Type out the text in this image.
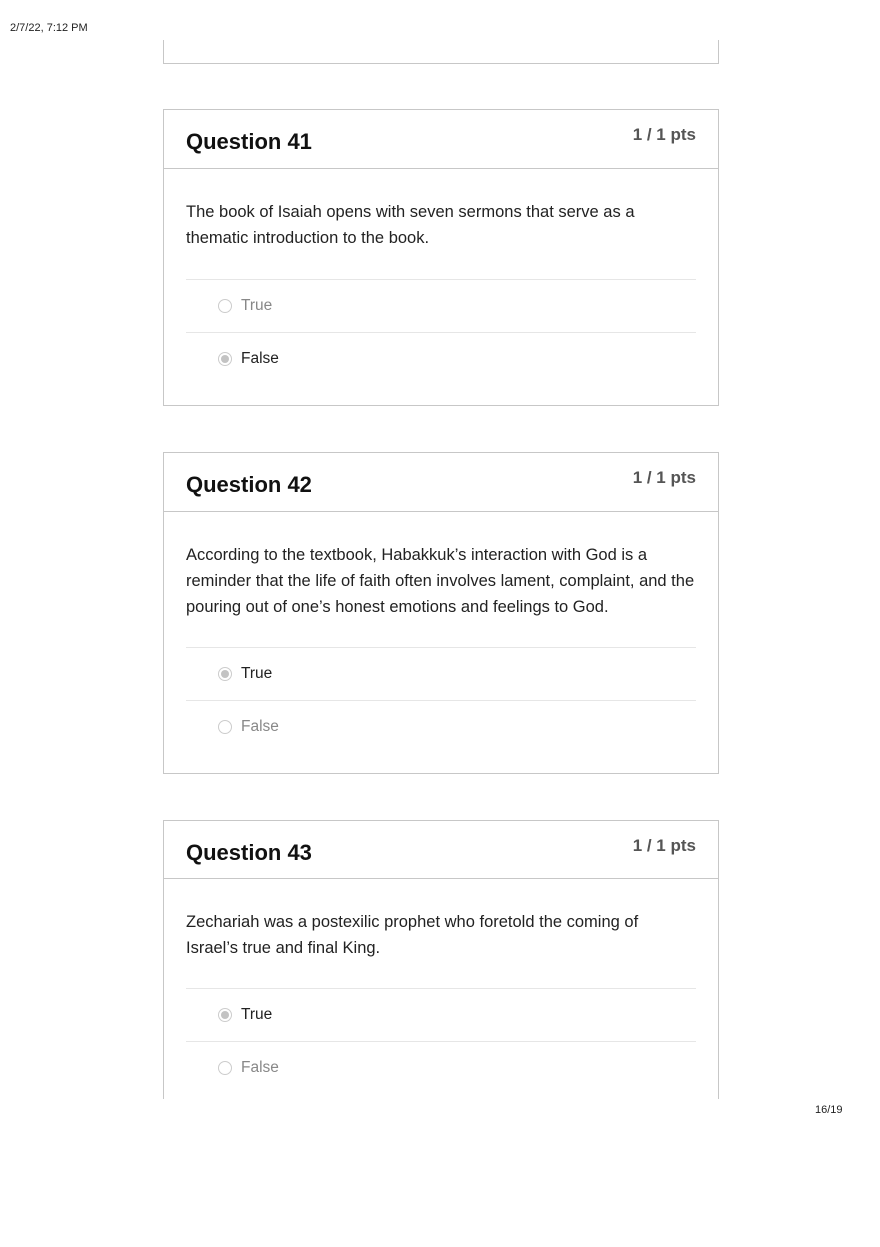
2/7/22, 7:12 PM
Question 41	1 / 1 pts
The book of Isaiah opens with seven sermons that serve as a thematic introduction to the book.
True
False
Question 42	1 / 1 pts
According to the textbook, Habakkuk’s interaction with God is a reminder that the life of faith often involves lament, complaint, and the pouring out of one’s honest emotions and feelings to God.
True
False
Question 43	1 / 1 pts
Zechariah was a postexilic prophet who foretold the coming of Israel’s true and final King.
True
False
16/19
